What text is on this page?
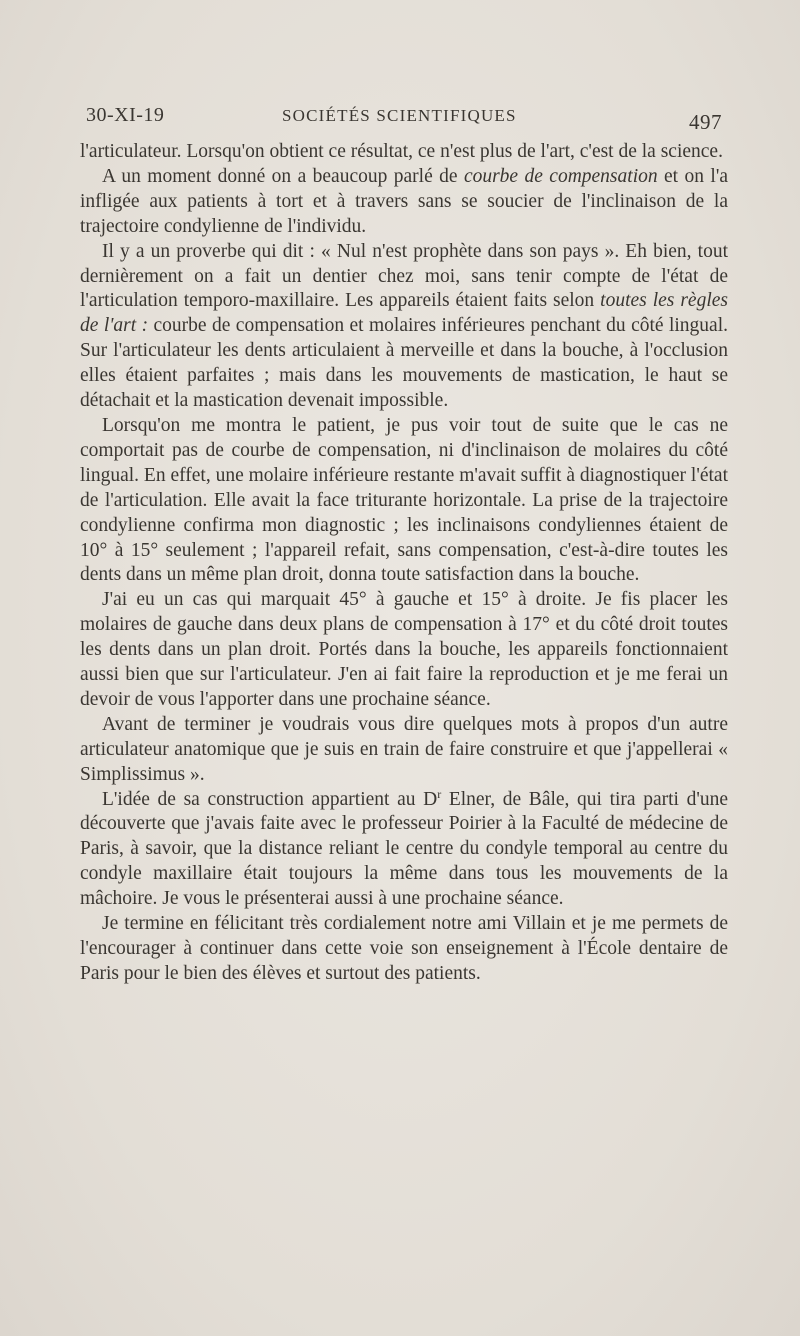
30-XI-19	SOCIÉTÉS SCIENTIFIQUES	497

l'articulateur. Lorsqu'on obtient ce résultat, ce n'est plus de l'art, c'est de la science.

A un moment donné on a beaucoup parlé de courbe de compensation et on l'a infligée aux patients à tort et à travers sans se soucier de l'inclinaison de la trajectoire condylienne de l'individu.

Il y a un proverbe qui dit : « Nul n'est prophète dans son pays ». Eh bien, tout dernièrement on a fait un dentier chez moi, sans tenir compte de l'état de l'articulation temporo-maxillaire. Les appareils étaient faits selon toutes les règles de l'art : courbe de compensation et molaires inférieures penchant du côté lingual. Sur l'articulateur les dents articulaient à merveille et dans la bouche, à l'occlusion elles étaient parfaites ; mais dans les mouvements de mastication, le haut se détachait et la mastication devenait impossible.

Lorsqu'on me montra le patient, je pus voir tout de suite que le cas ne comportait pas de courbe de compensation, ni d'inclinaison de molaires du côté lingual. En effet, une molaire inférieure restante m'avait suffit à diagnostiquer l'état de l'articulation. Elle avait la face triturante horizontale. La prise de la trajectoire condylienne confirma mon diagnostic ; les inclinaisons condyliennes étaient de 10° à 15° seulement ; l'appareil refait, sans compensation, c'est-à-dire toutes les dents dans un même plan droit, donna toute satisfaction dans la bouche.

J'ai eu un cas qui marquait 45° à gauche et 15° à droite. Je fis placer les molaires de gauche dans deux plans de compensation à 17° et du côté droit toutes les dents dans un plan droit. Portés dans la bouche, les appareils fonctionnaient aussi bien que sur l'articulateur. J'en ai fait faire la reproduction et je me ferai un devoir de vous l'apporter dans une prochaine séance.

Avant de terminer je voudrais vous dire quelques mots à propos d'un autre articulateur anatomique que je suis en train de faire construire et que j'appellerai « Simplissimus ».

L'idée de sa construction appartient au $D^r$ Elner, de Bâle, qui tira parti d'une découverte que j'avais faite avec le professeur Poirier à la Faculté de médecine de Paris, à savoir, que la distance reliant le centre du condyle temporal au centre du condyle maxillaire était toujours la même dans tous les mouvements de la mâchoire. Je vous le présenterai aussi à une prochaine séance.

Je termine en félicitant très cordialement notre ami Villain et je me permets de l'encourager à continuer dans cette voie son enseignement à l'École dentaire de Paris pour le bien des élèves et surtout des patients.
